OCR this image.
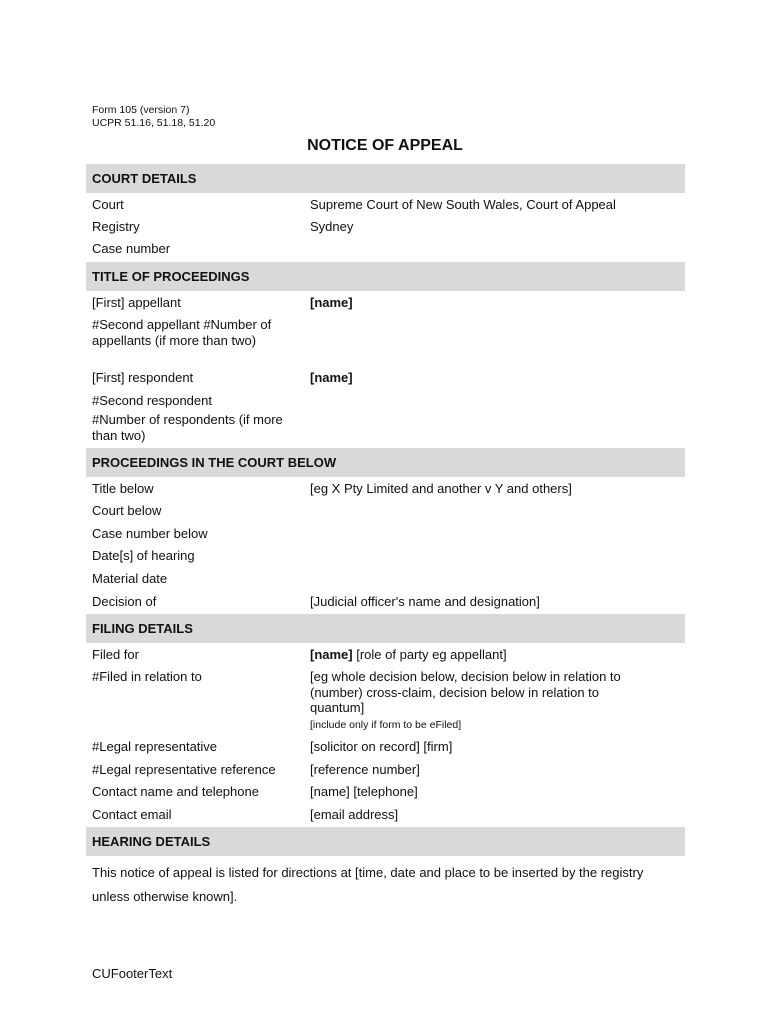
Form 105 (version 7)
UCPR 51.16, 51.18, 51.20
NOTICE OF APPEAL
COURT DETAILS
Court	Supreme Court of New South Wales, Court of Appeal
Registry	Sydney
Case number
TITLE OF PROCEEDINGS
[First] appellant	[name]
#Second appellant #Number of appellants (if more than two)
[First] respondent	[name]
#Second respondent
#Number of respondents (if more than two)
PROCEEDINGS IN THE COURT BELOW
Title below	[eg X Pty Limited and another v Y and others]
Court below
Case number below
Date[s] of hearing
Material date
Decision of	[Judicial officer's name and designation]
FILING DETAILS
Filed for	[name] [role of party eg appellant]
#Filed in relation to	[eg whole decision below, decision below in relation to (number) cross-claim, decision below in relation to quantum]
[include only if form to be eFiled]
#Legal representative	[solicitor on record] [firm]
#Legal representative reference	[reference number]
Contact name and telephone	[name] [telephone]
Contact email	[email address]
HEARING DETAILS
This notice of appeal is listed for directions at [time, date and place to be inserted by the registry unless otherwise known].
CUFooterText
